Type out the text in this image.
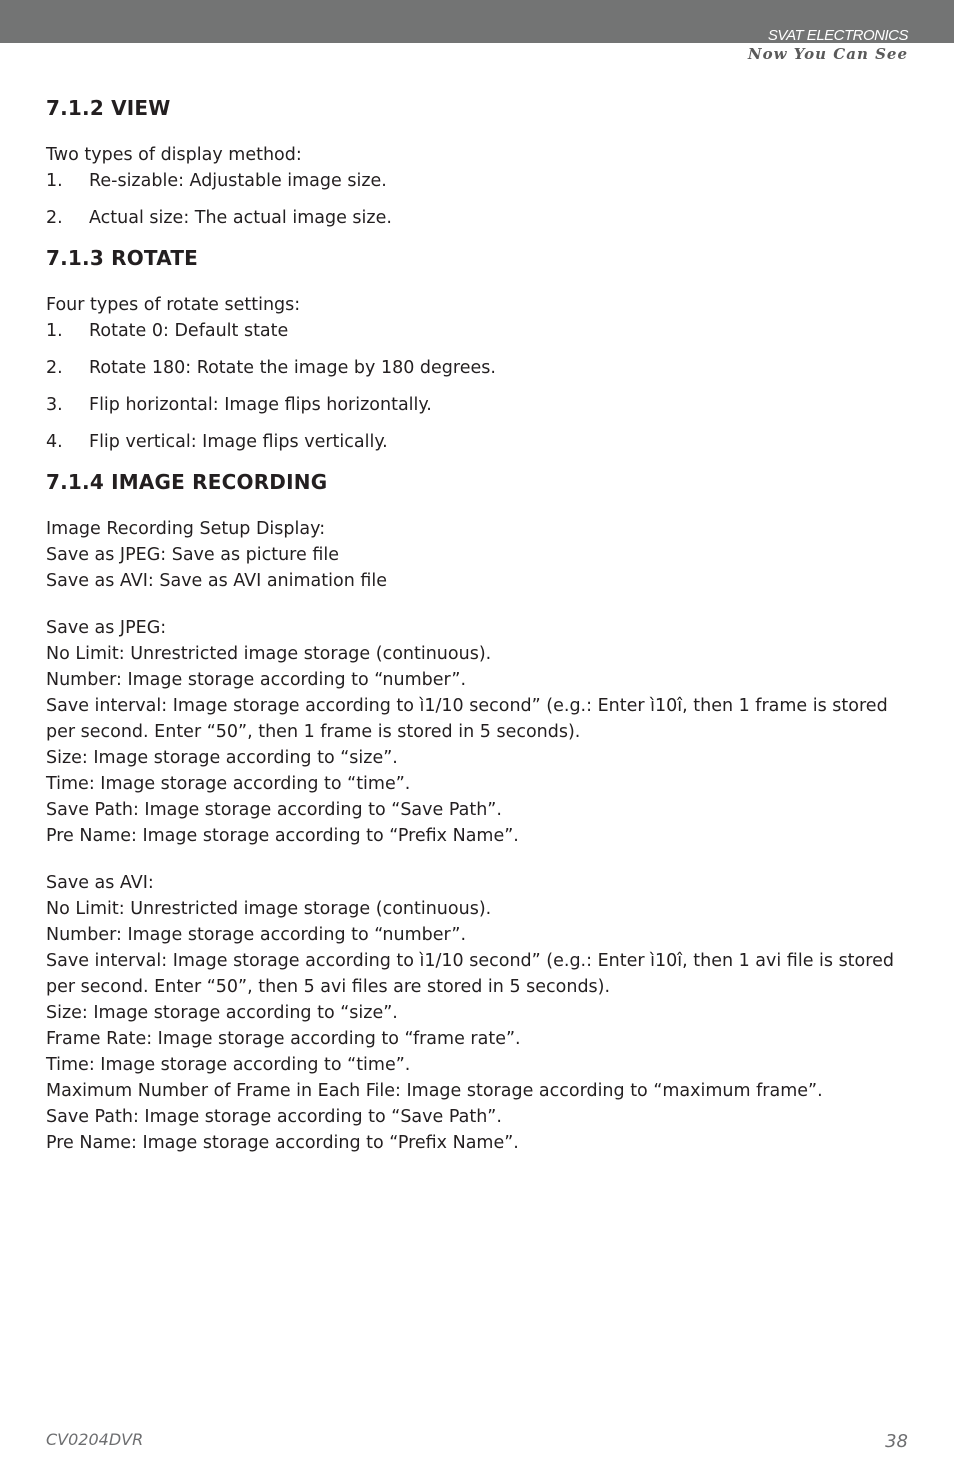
SVAT ELECTRONICS
Now You Can See
7.1.2 VIEW

Two types of display method:

1. Re-sizable: Adjustable image size.
2. Actual size: The actual image size.
7.1.3 ROTATE

Four types of rotate settings:

1. Rotate 0: Default state
2. Rotate 180: Rotate the image by 180 degrees.
3. Flip horizontal: Image flips horizontally.
4. Flip vertical: Image flips vertically.
7.1.4 IMAGE RECORDING

Image Recording Setup Display:

Save as JPEG: Save as picture file

Save as AVI: Save as AVI animation file

Save as JPEG:

No Limit: Unrestricted image storage (continuous).

Number: Image storage according to “number”.

Save interval: Image storage according to ì1/10 second” (e.g.: Enter ì10î, then 1 frame is stored per second. Enter “50”, then 1 frame is stored in 5 seconds).

Size: Image storage according to “size”.

Time: Image storage according to “time”.

Save Path: Image storage according to “Save Path”.

Pre Name: Image storage according to “Prefix Name”.

Save as AVI:

No Limit: Unrestricted image storage (continuous).

Number: Image storage according to “number”.

Save interval: Image storage according to ì1/10 second” (e.g.: Enter ì10î, then 1 avi file is stored per second. Enter “50”, then 5 avi files are stored in 5 seconds).

Size: Image storage according to “size”.

Frame Rate: Image storage according to “frame rate”.

Time: Image storage according to “time”.

Maximum Number of Frame in Each File: Image storage according to “maximum frame”.

Save Path: Image storage according to “Save Path”.

Pre Name: Image storage according to “Prefix Name”.

CV0204DVR	38
